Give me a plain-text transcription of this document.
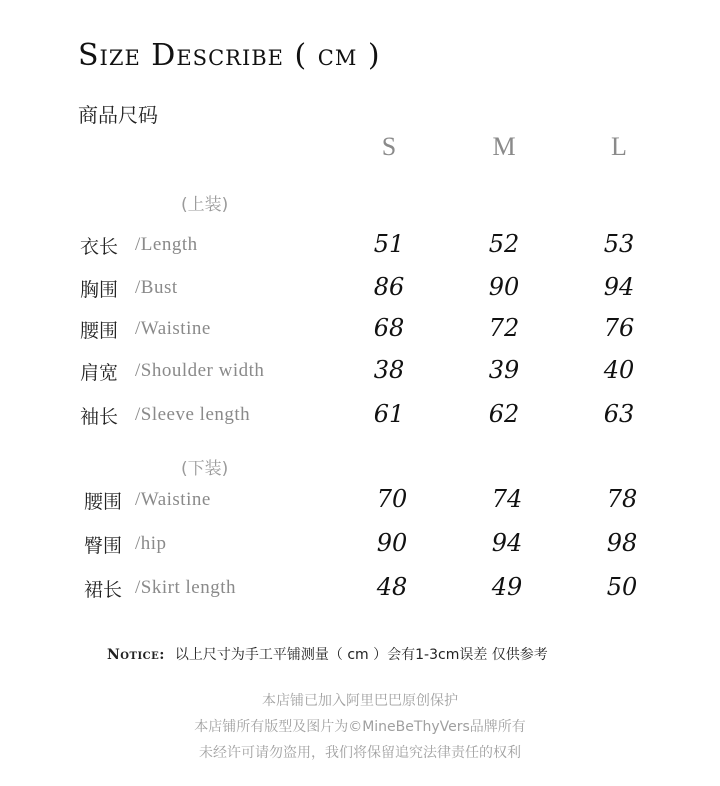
Size Describe ( cm )
商品尺码
S	M	L
(上装)
衣长 /Length	51	52	53
胸围 /Bust	86	90	94
腰围 /Waistine	68	72	76
肩宽 /Shoulder width	38	39	40
袖长 /Sleeve length	61	62	63
(下装)
腰围 /Waistine	70	74	78
臀围 /hip	90	94	98
裙长 /Skirt length	48	49	50
Notice: 以上尺寸为手工平铺测量（ cm ）会有1-3cm误差 仅供参考
本店铺已加入阿里巴巴原创保护
本店铺所有版型及图片为©MineBeThyVers品牌所有
未经许可请勿盗用，我们将保留追究法律责任的权利
